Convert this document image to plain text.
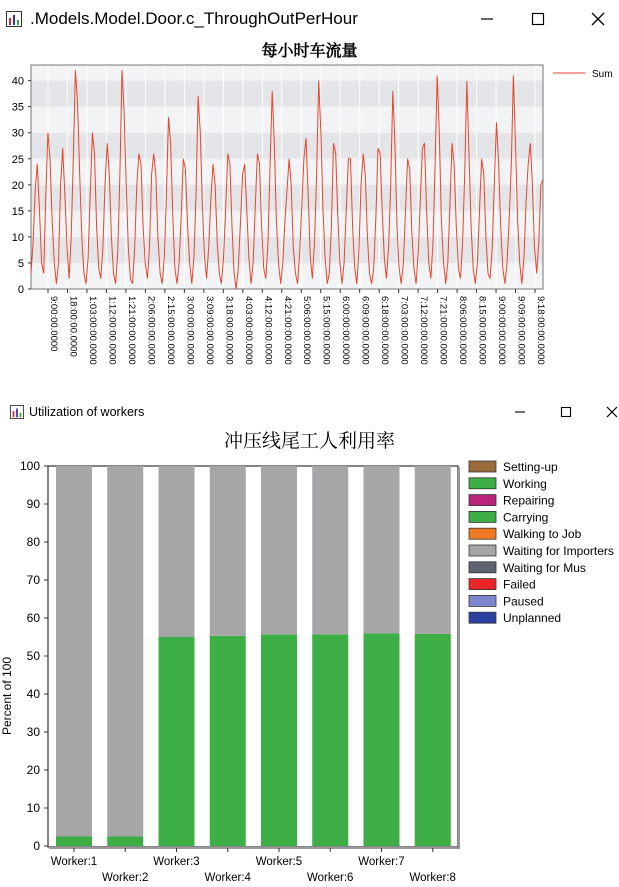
.Models.Model.Door.c_ThroughOutPerHour
每小时车流量
0
5
10
15
20
25
30
35
40
9:00:00.0000 18:00:00.0000 1:03:00:00.0000 1:12:00:00.0000 1:21:00:00.0000 2:06:00:00.0000 2:15:00:00.0000 3:00:00:00.0000 3:09:00:00.0000 3:18:00:00.0000 4:03:00:00.0000 4:12:00:00.0000 4:21:00:00.0000 5:06:00:00.0000 5:15:00:00.0000 6:00:00:00.0000 6:09:00:00.0000 6:18:00:00.0000 7:03:00:00.0000 7:12:00:00.0000 7:21:00:00.0000 8:06:00:00.0000 8:15:00:00.0000 9:00:00:00.0000 9:09:00:00.0000 9:18:00:00.0000
Sum
Utilization of workers
冲压线尾工人利用率
0
10
20
30
40
50
60
70
80
90
100
Worker:1
Worker:2
Worker:3
Worker:4
Worker:5
Worker:6
Worker:7
Worker:8
Percent of 100
Setting-up
Working
Repairing
Carrying
Walking to Job
Waiting for Importers
Waiting for Mus
Failed
Paused
Unplanned
